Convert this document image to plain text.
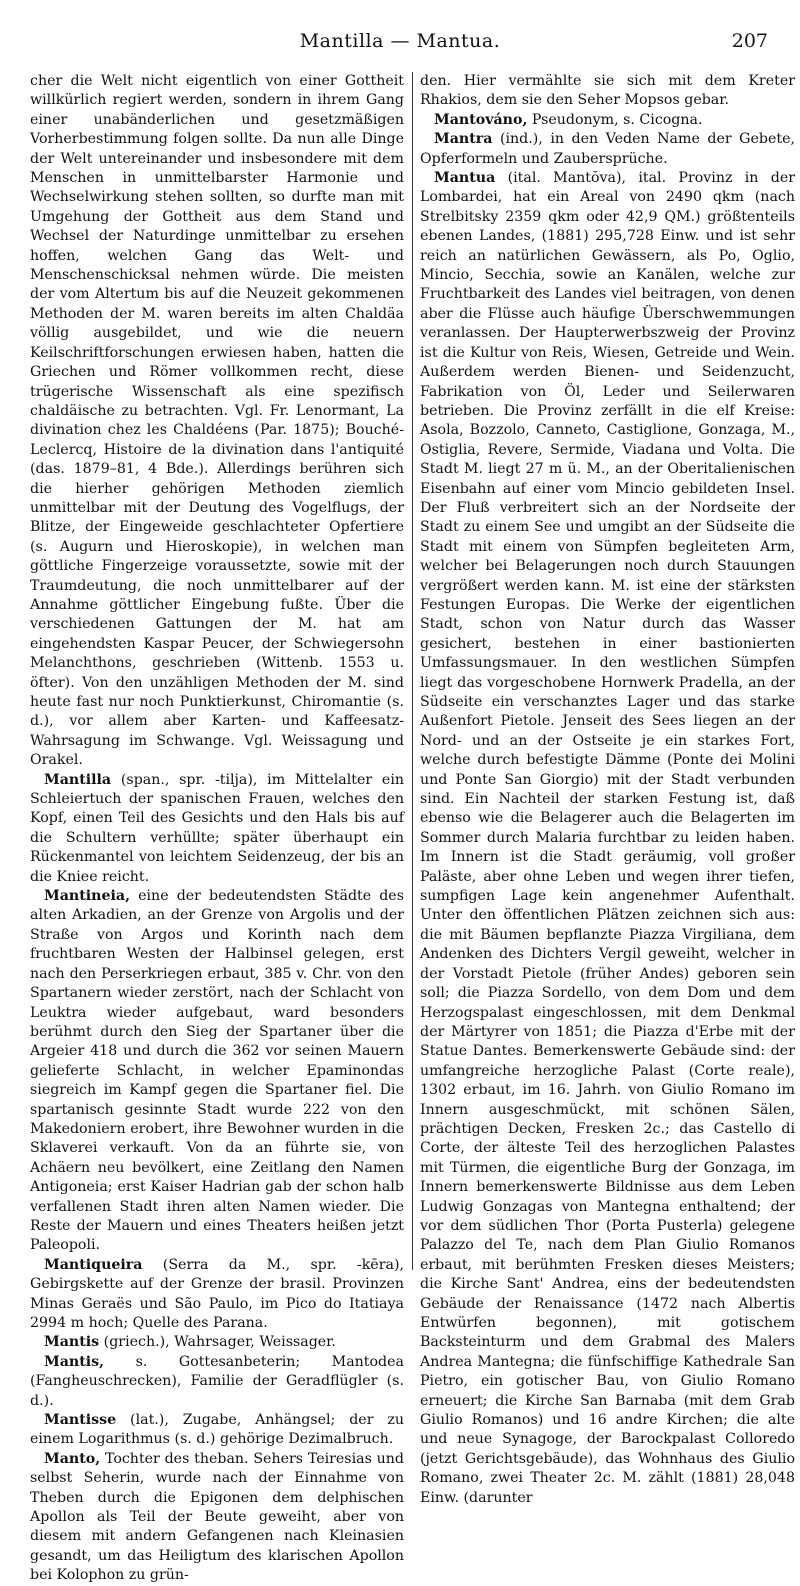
Mantilla — Mantua.	207

cher die Welt nicht eigentlich von einer Gottheit willkürlich regiert werden, sondern in ihrem Gang einer unabänderlichen und gesetzmäßigen Vorherbestimmung folgen sollte. Da nun alle Dinge der Welt untereinander und insbesondere mit dem Menschen in unmittelbarster Harmonie und Wechselwirkung stehen sollten, so durfte man mit Umgehung der Gottheit aus dem Stand und Wechsel der Naturdinge unmittelbar zu ersehen hoffen, welchen Gang das Welt- und Menschenschicksal nehmen würde. Die meisten der vom Altertum bis auf die Neuzeit gekommenen Methoden der M. waren bereits im alten Chaldäa völlig ausgebildet, und wie die neuern Keilschriftforschungen erwiesen haben, hatten die Griechen und Römer vollkommen recht, diese trügerische Wissenschaft als eine spezifisch chaldäische zu betrachten. Vgl. Fr. Lenormant, La divination chez les Chaldéens (Par. 1875); Bouché-Leclercq, Histoire de la divination dans l'antiquité (das. 1879–81, 4 Bde.). Allerdings berühren sich die hierher gehörigen Methoden ziemlich unmittelbar mit der Deutung des Vogelflugs, der Blitze, der Eingeweide geschlachteter Opfertiere (s. Augurn und Hieroskopie), in welchen man göttliche Fingerzeige voraussetzte, sowie mit der Traumdeutung, die noch unmittelbarer auf der Annahme göttlicher Eingebung fußte. Über die verschiedenen Gattungen der M. hat am eingehendsten Kaspar Peucer, der Schwiegersohn Melanchthons, geschrieben (Wittenb. 1553 u. öfter). Von den unzähligen Methoden der M. sind heute fast nur noch Punktierkunst, Chiromantie (s. d.), vor allem aber Karten- und Kaffeesatz-Wahrsagung im Schwange. Vgl. Weissagung und Orakel.

Mantilla (span., spr. -tilja), im Mittelalter ein Schleiertuch der spanischen Frauen, welches den Kopf, einen Teil des Gesichts und den Hals bis auf die Schultern verhüllte; später überhaupt ein Rückenmantel von leichtem Seidenzeug, der bis an die Kniee reicht.

Mantineia, eine der bedeutendsten Städte des alten Arkadien, an der Grenze von Argolis und der Straße von Argos und Korinth nach dem fruchtbaren Westen der Halbinsel gelegen, erst nach den Perserkriegen erbaut, 385 v. Chr. von den Spartanern wieder zerstört, nach der Schlacht von Leuktra wieder aufgebaut, ward besonders berühmt durch den Sieg der Spartaner über die Argeier 418 und durch die 362 vor seinen Mauern gelieferte Schlacht, in welcher Epaminondas siegreich im Kampf gegen die Spartaner fiel. Die spartanisch gesinnte Stadt wurde 222 von den Makedoniern erobert, ihre Bewohner wurden in die Sklaverei verkauft. Von da an führte sie, von Achäern neu bevölkert, eine Zeitlang den Namen Antigoneia; erst Kaiser Hadrian gab der schon halb verfallenen Stadt ihren alten Namen wieder. Die Reste der Mauern und eines Theaters heißen jetzt Paleopoli.

Mantiqueira (Serra da M., spr. -kēra), Gebirgskette auf der Grenze der brasil. Provinzen Minas Geraës und São Paulo, im Pico do Itatiaya 2994 m hoch; Quelle des Parana.

Mantis (griech.), Wahrsager, Weissager.

Mantis, s. Gottesanbeterin; Mantodea (Fangheuschrecken), Familie der Geradflügler (s. d.).

Mantisse (lat.), Zugabe, Anhängsel; der zu einem Logarithmus (s. d.) gehörige Dezimalbruch.

Manto, Tochter des theban. Sehers Teiresias und selbst Seherin, wurde nach der Einnahme von Theben durch die Epigonen dem delphischen Apollon als Teil der Beute geweiht, aber von diesem mit andern Gefangenen nach Kleinasien gesandt, um das Heiligtum des klarischen Apollon bei Kolophon zu grün-

den. Hier vermählte sie sich mit dem Kreter Rhakios, dem sie den Seher Mopsos gebar.

Mantováno, Pseudonym, s. Cicogna.

Mantra (ind.), in den Veden Name der Gebete, Opferformeln und Zaubersprüche.

Mantua (ital. Mantŏva), ital. Provinz in der Lombardei, hat ein Areal von 2490 qkm (nach Strelbitsky 2359 qkm oder 42,9 QM.) größtenteils ebenen Landes, (1881) 295,728 Einw. und ist sehr reich an natürlichen Gewässern, als Po, Oglio, Mincio, Secchia, sowie an Kanälen, welche zur Fruchtbarkeit des Landes viel beitragen, von denen aber die Flüsse auch häufige Überschwemmungen veranlassen. Der Haupterwerbszweig der Provinz ist die Kultur von Reis, Wiesen, Getreide und Wein. Außerdem werden Bienen- und Seidenzucht, Fabrikation von Öl, Leder und Seilerwaren betrieben. Die Provinz zerfällt in die elf Kreise: Asola, Bozzolo, Canneto, Castiglione, Gonzaga, M., Ostiglia, Revere, Sermide, Viadana und Volta. Die Stadt M. liegt 27 m ü. M., an der Oberitalienischen Eisenbahn auf einer vom Mincio gebildeten Insel. Der Fluß verbreitert sich an der Nordseite der Stadt zu einem See und umgibt an der Südseite die Stadt mit einem von Sümpfen begleiteten Arm, welcher bei Belagerungen noch durch Stauungen vergrößert werden kann. M. ist eine der stärksten Festungen Europas. Die Werke der eigentlichen Stadt, schon von Natur durch das Wasser gesichert, bestehen in einer bastionierten Umfassungsmauer. In den westlichen Sümpfen liegt das vorgeschobene Hornwerk Pradella, an der Südseite ein verschanztes Lager und das starke Außenfort Pietole. Jenseit des Sees liegen an der Nord- und an der Ostseite je ein starkes Fort, welche durch befestigte Dämme (Ponte dei Molini und Ponte San Giorgio) mit der Stadt verbunden sind. Ein Nachteil der starken Festung ist, daß ebenso wie die Belagerer auch die Belagerten im Sommer durch Malaria furchtbar zu leiden haben. Im Innern ist die Stadt geräumig, voll großer Paläste, aber ohne Leben und wegen ihrer tiefen, sumpfigen Lage kein angenehmer Aufenthalt. Unter den öffentlichen Plätzen zeichnen sich aus: die mit Bäumen bepflanzte Piazza Virgiliana, dem Andenken des Dichters Vergil geweiht, welcher in der Vorstadt Pietole (früher Andes) geboren sein soll; die Piazza Sordello, von dem Dom und dem Herzogspalast eingeschlossen, mit dem Denkmal der Märtyrer von 1851; die Piazza d'Erbe mit der Statue Dantes. Bemerkenswerte Gebäude sind: der umfangreiche herzogliche Palast (Corte reale), 1302 erbaut, im 16. Jahrh. von Giulio Romano im Innern ausgeschmückt, mit schönen Sälen, prächtigen Decken, Fresken 2c.; das Castello di Corte, der älteste Teil des herzoglichen Palastes mit Türmen, die eigentliche Burg der Gonzaga, im Innern bemerkenswerte Bildnisse aus dem Leben Ludwig Gonzagas von Mantegna enthaltend; der vor dem südlichen Thor (Porta Pusterla) gelegene Palazzo del Te, nach dem Plan Giulio Romanos erbaut, mit berühmten Fresken dieses Meisters; die Kirche Sant' Andrea, eins der bedeutendsten Gebäude der Renaissance (1472 nach Albertis Entwürfen begonnen), mit gotischem Backsteinturm und dem Grabmal des Malers Andrea Mantegna; die fünfschiffige Kathedrale San Pietro, ein gotischer Bau, von Giulio Romano erneuert; die Kirche San Barnaba (mit dem Grab Giulio Romanos) und 16 andre Kirchen; die alte und neue Synagoge, der Barockpalast Colloredo (jetzt Gerichtsgebäude), das Wohnhaus des Giulio Romano, zwei Theater 2c. M. zählt (1881) 28,048 Einw. (darunter
